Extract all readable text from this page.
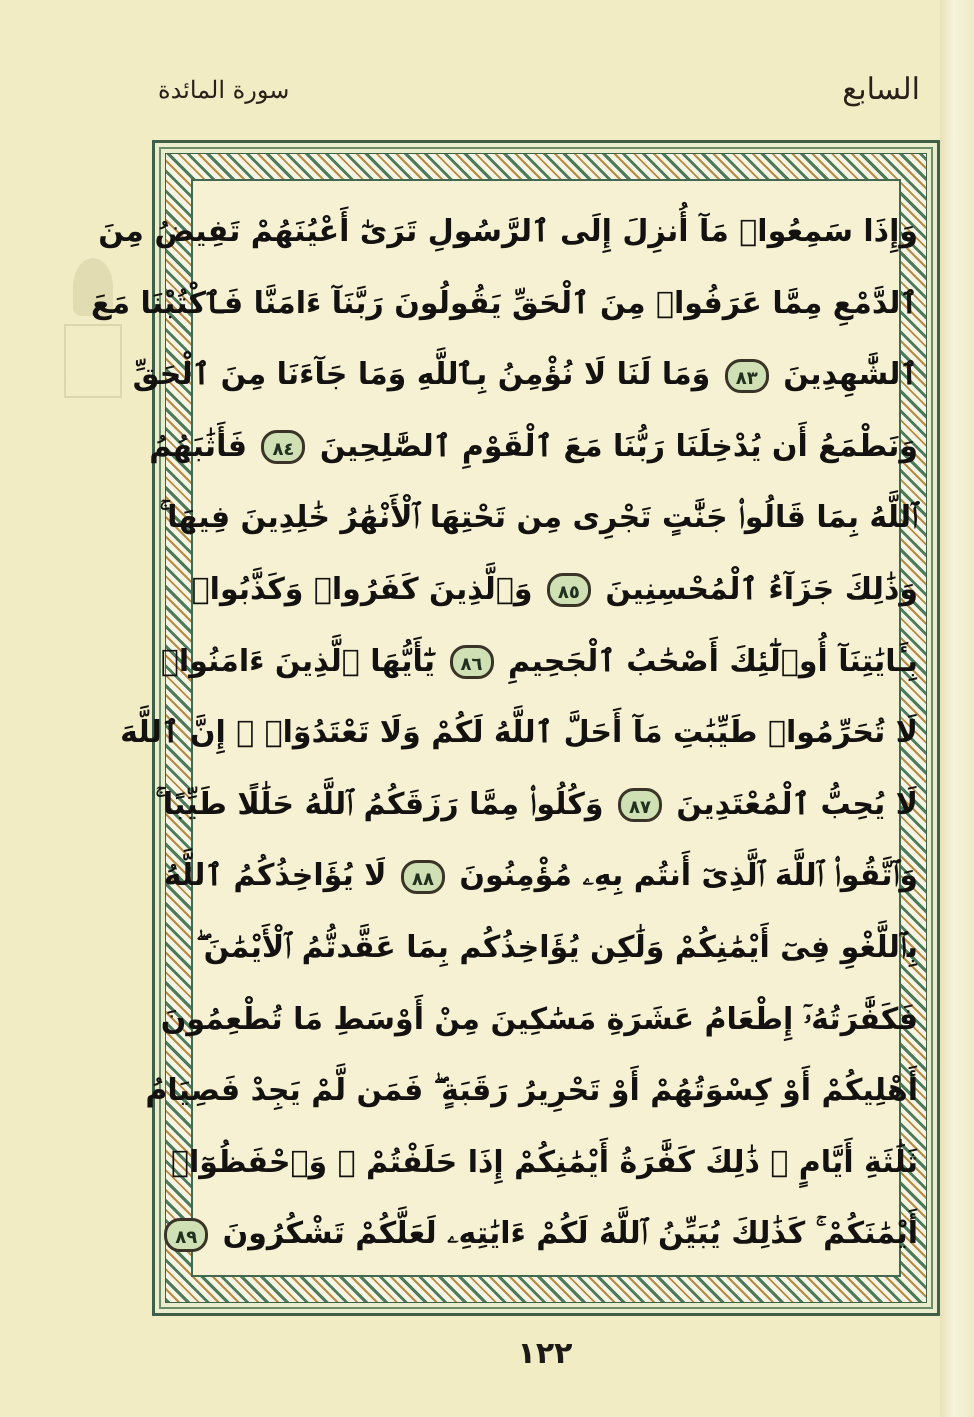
السابع
سورة المائدة
وَإِذَا سَمِعُوا۟ مَآ أُنزِلَ إِلَى ٱلرَّسُولِ تَرَىٰٓ أَعْيُنَهُمْ تَفِيضُ مِنَ
ٱلدَّمْعِ مِمَّا عَرَفُوا۟ مِنَ ٱلْحَقِّ يَقُولُونَ رَبَّنَآ ءَامَنَّا فَٱكْتُبْنَا مَعَ
ٱلشَّٰهِدِينَ ٨٣ وَمَا لَنَا لَا نُؤْمِنُ بِٱللَّهِ وَمَا جَآءَنَا مِنَ ٱلْحَقِّ
وَنَطْمَعُ أَن يُدْخِلَنَا رَبُّنَا مَعَ ٱلْقَوْمِ ٱلصَّٰلِحِينَ ٨٤ فَأَثَٰبَهُمُ
ٱللَّهُ بِمَا قَالُوا۟ جَنَّٰتٍ تَجْرِى مِن تَحْتِهَا ٱلْأَنْهَٰرُ خَٰلِدِينَ فِيهَا ۚ
وَذَٰلِكَ جَزَآءُ ٱلْمُحْسِنِينَ ٨٥ وَٱلَّذِينَ كَفَرُوا۟ وَكَذَّبُوا۟
بِـَٔايَٰتِنَآ أُو۟لَٰٓئِكَ أَصْحَٰبُ ٱلْجَحِيمِ ٨٦ يَٰٓأَيُّهَا ٱلَّذِينَ ءَامَنُوا۟
لَا تُحَرِّمُوا۟ طَيِّبَٰتِ مَآ أَحَلَّ ٱللَّهُ لَكُمْ وَلَا تَعْتَدُوٓا۟ ۚ إِنَّ ٱللَّهَ
لَا يُحِبُّ ٱلْمُعْتَدِينَ ٨٧ وَكُلُوا۟ مِمَّا رَزَقَكُمُ ٱللَّهُ حَلَٰلًا طَيِّبًا ۚ
وَٱتَّقُوا۟ ٱللَّهَ ٱلَّذِىٓ أَنتُم بِهِۦ مُؤْمِنُونَ ٨٨ لَا يُؤَاخِذُكُمُ ٱللَّهُ
بِٱللَّغْوِ فِىٓ أَيْمَٰنِكُمْ وَلَٰكِن يُؤَاخِذُكُم بِمَا عَقَّدتُّمُ ٱلْأَيْمَٰنَ ۖ
فَكَفَّٰرَتُهُۥٓ إِطْعَامُ عَشَرَةِ مَسَٰكِينَ مِنْ أَوْسَطِ مَا تُطْعِمُونَ
أَهْلِيكُمْ أَوْ كِسْوَتُهُمْ أَوْ تَحْرِيرُ رَقَبَةٍ ۖ فَمَن لَّمْ يَجِدْ فَصِيَامُ
ثَلَٰثَةِ أَيَّامٍ ۚ ذَٰلِكَ كَفَّٰرَةُ أَيْمَٰنِكُمْ إِذَا حَلَفْتُمْ ۚ وَٱحْفَظُوٓا۟
أَيْمَٰنَكُمْ ۚ كَذَٰلِكَ يُبَيِّنُ ٱللَّهُ لَكُمْ ءَايَٰتِهِۦ لَعَلَّكُمْ تَشْكُرُونَ ٨٩
١٢٢
